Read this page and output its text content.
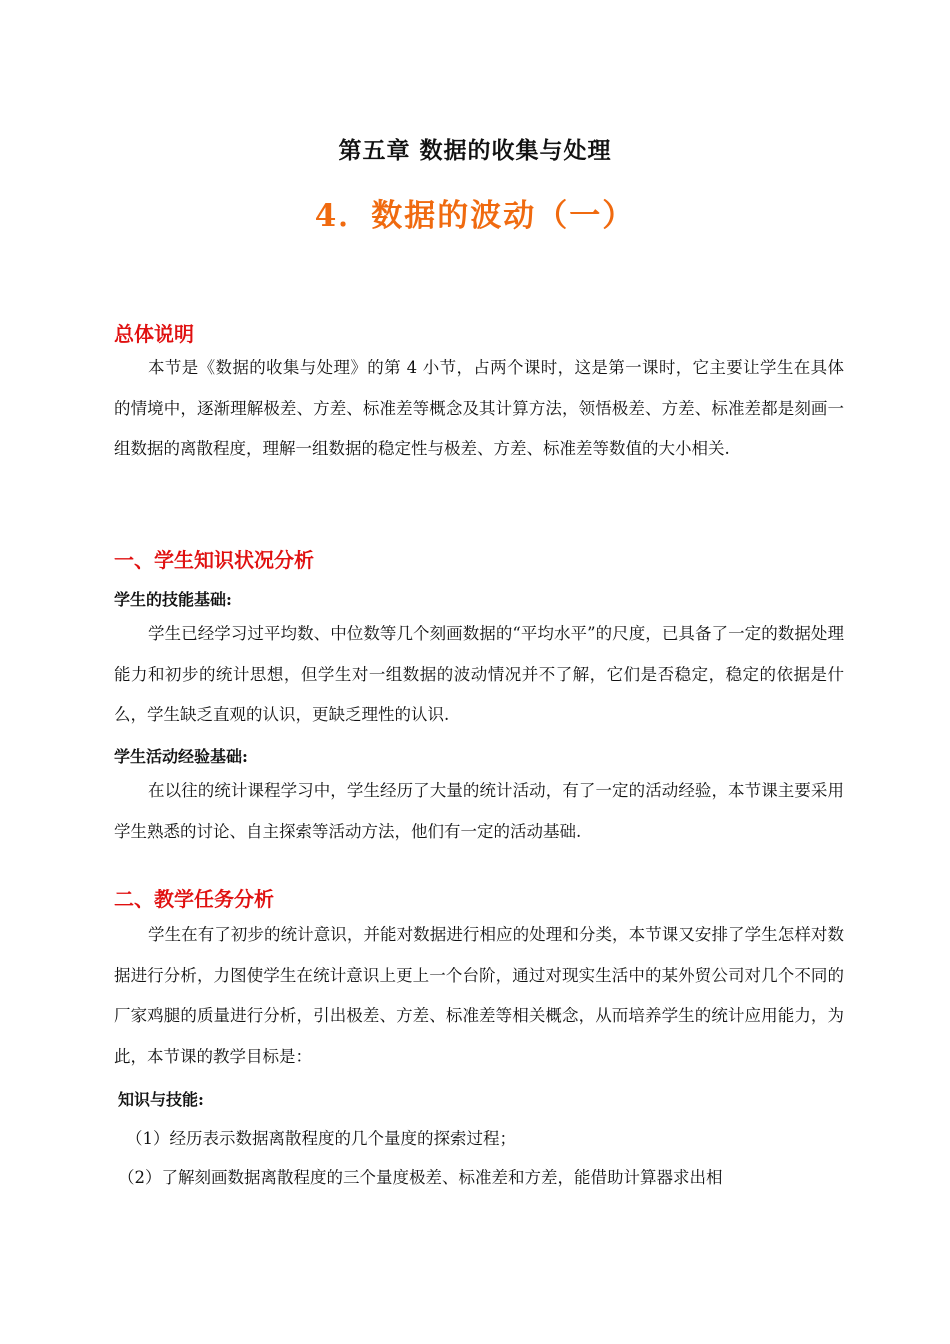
第五章 数据的收集与处理
4．数据的波动（一）
总体说明

本节是《数据的收集与处理》的第 4 小节，占两个课时，这是第一课时，它主要让学生在具体的情境中，逐渐理解极差、方差、标准差等概念及其计算方法，领悟极差、方差、标准差都是刻画一组数据的离散程度，理解一组数据的稳定性与极差、方差、标准差等数值的大小相关.

一、学生知识状况分析
学生的技能基础:

学生已经学习过平均数、中位数等几个刻画数据的“平均水平”的尺度，已具备了一定的数据处理能力和初步的统计思想，但学生对一组数据的波动情况并不了解，它们是否稳定，稳定的依据是什么，学生缺乏直观的认识，更缺乏理性的认识.

学生活动经验基础:

在以往的统计课程学习中，学生经历了大量的统计活动，有了一定的活动经验，本节课主要采用学生熟悉的讨论、自主探索等活动方法，他们有一定的活动基础.

二、教学任务分析

学生在有了初步的统计意识，并能对数据进行相应的处理和分类，本节课又安排了学生怎样对数据进行分析，力图使学生在统计意识上更上一个台阶，通过对现实生活中的某外贸公司对几个不同的厂家鸡腿的质量进行分析，引出极差、方差、标准差等相关概念，从而培养学生的统计应用能力，为此，本节课的教学目标是：

知识与技能:
（1）经历表示数据离散程度的几个量度的探索过程；
（2）了解刻画数据离散程度的三个量度极差、标准差和方差，能借助计算器求出相
